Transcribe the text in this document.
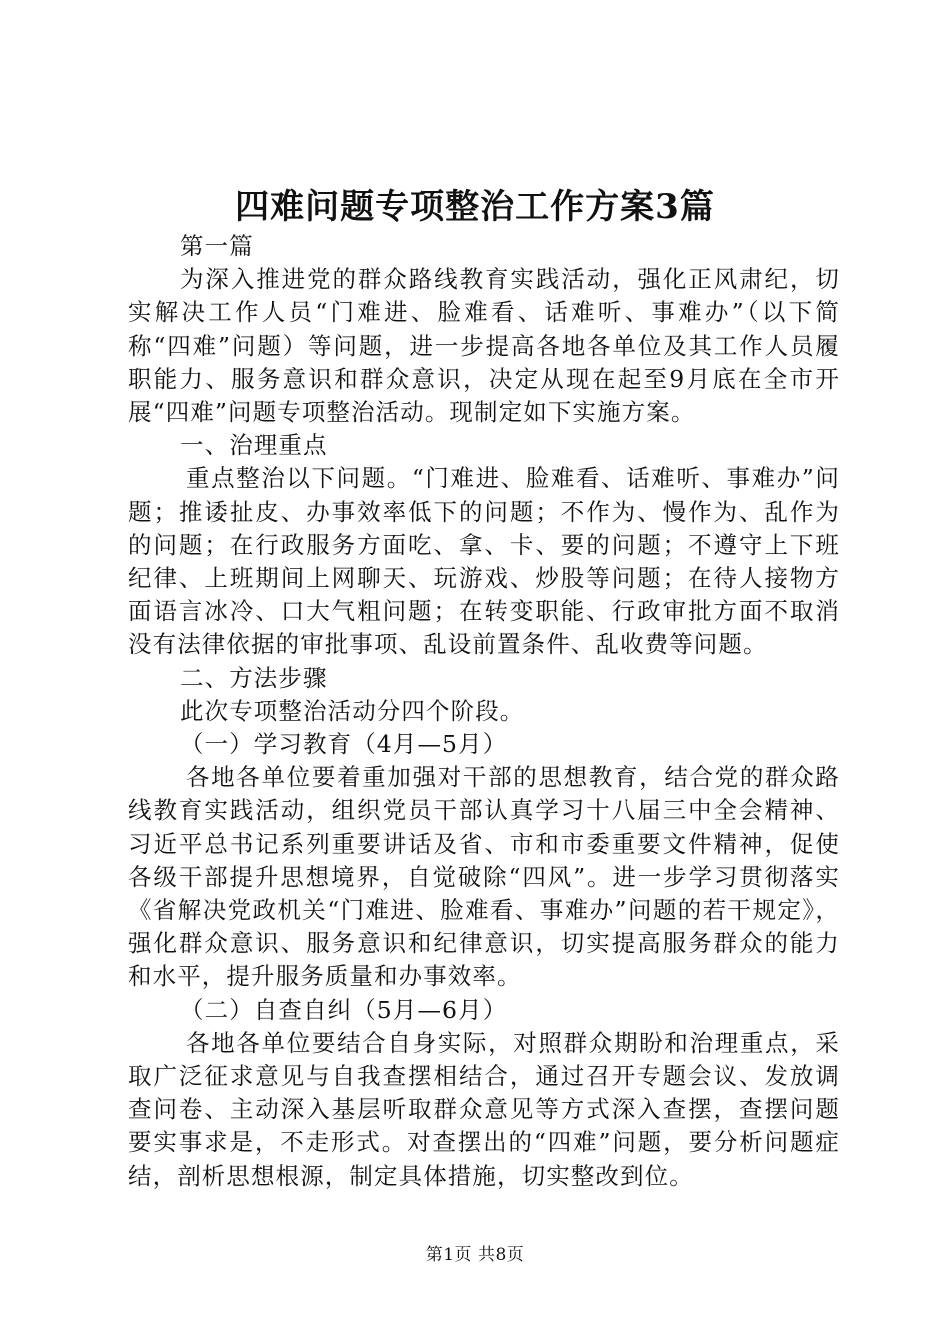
四难问题专项整治工作方案3篇

第一篇

为深入推进党的群众路线教育实践活动，强化正风肃纪，切实解决工作人员“门难进、脸难看、话难听、事难办”（以下简称“四难”问题）等问题，进一步提高各地各单位及其工作人员履职能力、服务意识和群众意识，决定从现在起至9月底在全市开展“四难”问题专项整治活动。现制定如下实施方案。

一、治理重点

重点整治以下问题。“门难进、脸难看、话难听、事难办”问题；推诿扯皮、办事效率低下的问题；不作为、慢作为、乱作为的问题；在行政服务方面吃、拿、卡、要的问题；不遵守上下班纪律、上班期间上网聊天、玩游戏、炒股等问题；在待人接物方面语言冰冷、口大气粗问题；在转变职能、行政审批方面不取消没有法律依据的审批事项、乱设前置条件、乱收费等问题。

二、方法步骤

此次专项整治活动分四个阶段。

（一）学习教育（4月—5月）

各地各单位要着重加强对干部的思想教育，结合党的群众路线教育实践活动，组织党员干部认真学习十八届三中全会精神、习近平总书记系列重要讲话及省、市和市委重要文件精神，促使各级干部提升思想境界，自觉破除“四风”。进一步学习贯彻落实《省解决党政机关“门难进、脸难看、事难办”问题的若干规定》，强化群众意识、服务意识和纪律意识，切实提高服务群众的能力和水平，提升服务质量和办事效率。

（二）自查自纠（5月—6月）

各地各单位要结合自身实际，对照群众期盼和治理重点，采取广泛征求意见与自我查摆相结合，通过召开专题会议、发放调查问卷、主动深入基层听取群众意见等方式深入查摆，查摆问题要实事求是，不走形式。对查摆出的“四难”问题，要分析问题症结，剖析思想根源，制定具体措施，切实整改到位。

第1页 共8页
